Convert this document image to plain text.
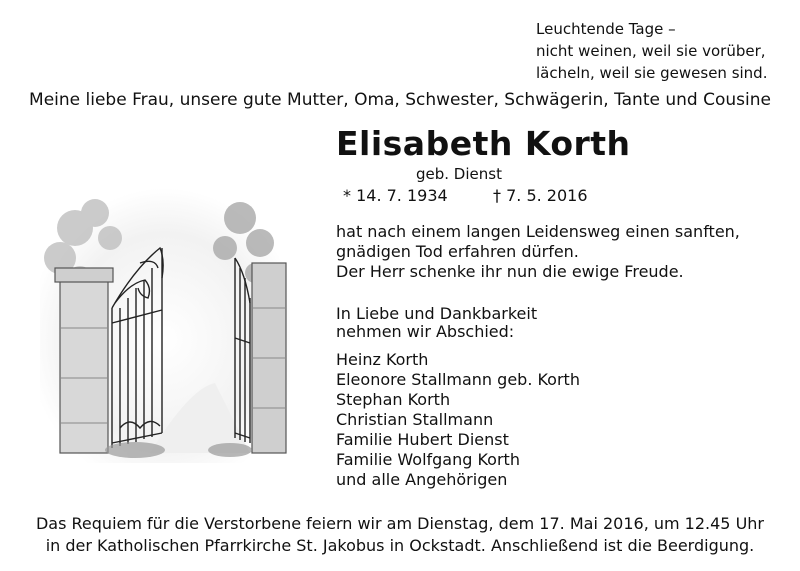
Leuchtende Tage –
nicht weinen, weil sie vorüber,
lächeln, weil sie gewesen sind.
Meine liebe Frau, unsere gute Mutter, Oma, Schwester, Schwägerin, Tante und Cousine
Elisabeth Korth
geb. Dienst
* 14. 7. 1934	† 7. 5. 2016
hat nach einem langen Leidensweg einen sanften,
gnädigen Tod erfahren dürfen.
Der Herr schenke ihr nun die ewige Freude.
In Liebe und Dankbarkeit
nehmen wir Abschied:
Heinz Korth
Eleonore Stallmann geb. Korth
Stephan Korth
Christian Stallmann
Familie Hubert Dienst
Familie Wolfgang Korth
und alle Angehörigen
Das Requiem für die Verstorbene feiern wir am Dienstag, dem 17. Mai 2016, um 12.45 Uhr
in der Katholischen Pfarrkirche St. Jakobus in Ockstadt. Anschließend ist die Beerdigung.
